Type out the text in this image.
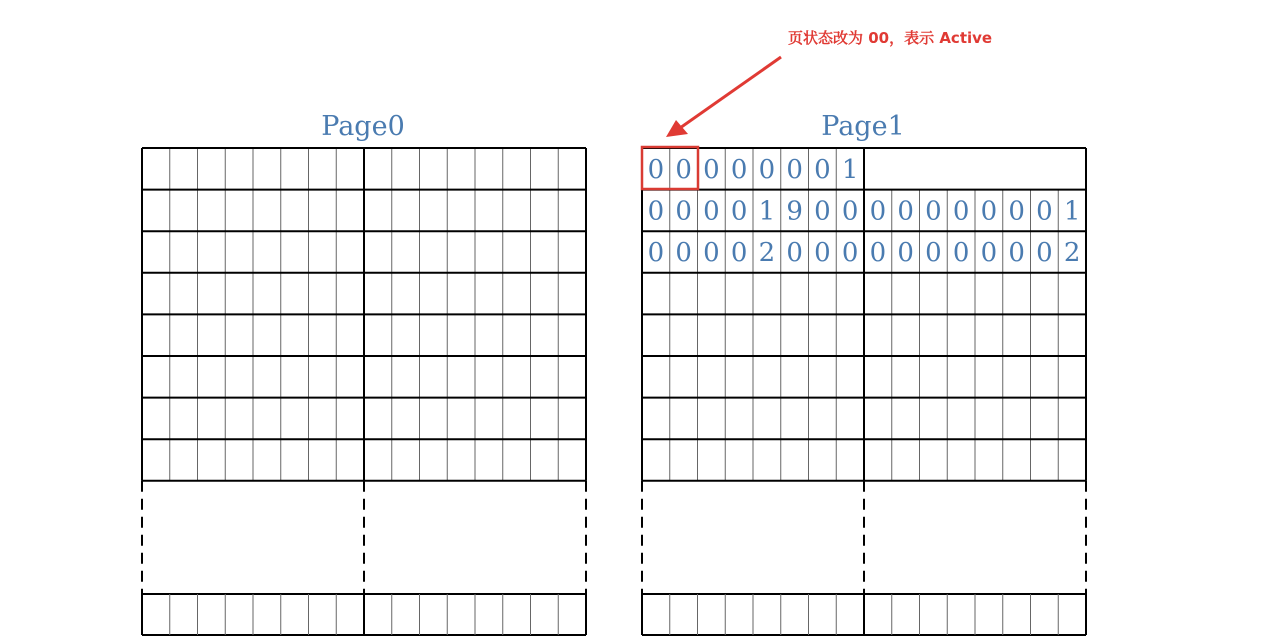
Page0	Page1
0 0 0 0 0 0 0 1
0 0 0 0 1 9 0 0 0 0 0 0 0 0 0 1
0 0 0 0 2 0 0 0 0 0 0 0 0 0 0 2
页状态改为 00，表示 Active
